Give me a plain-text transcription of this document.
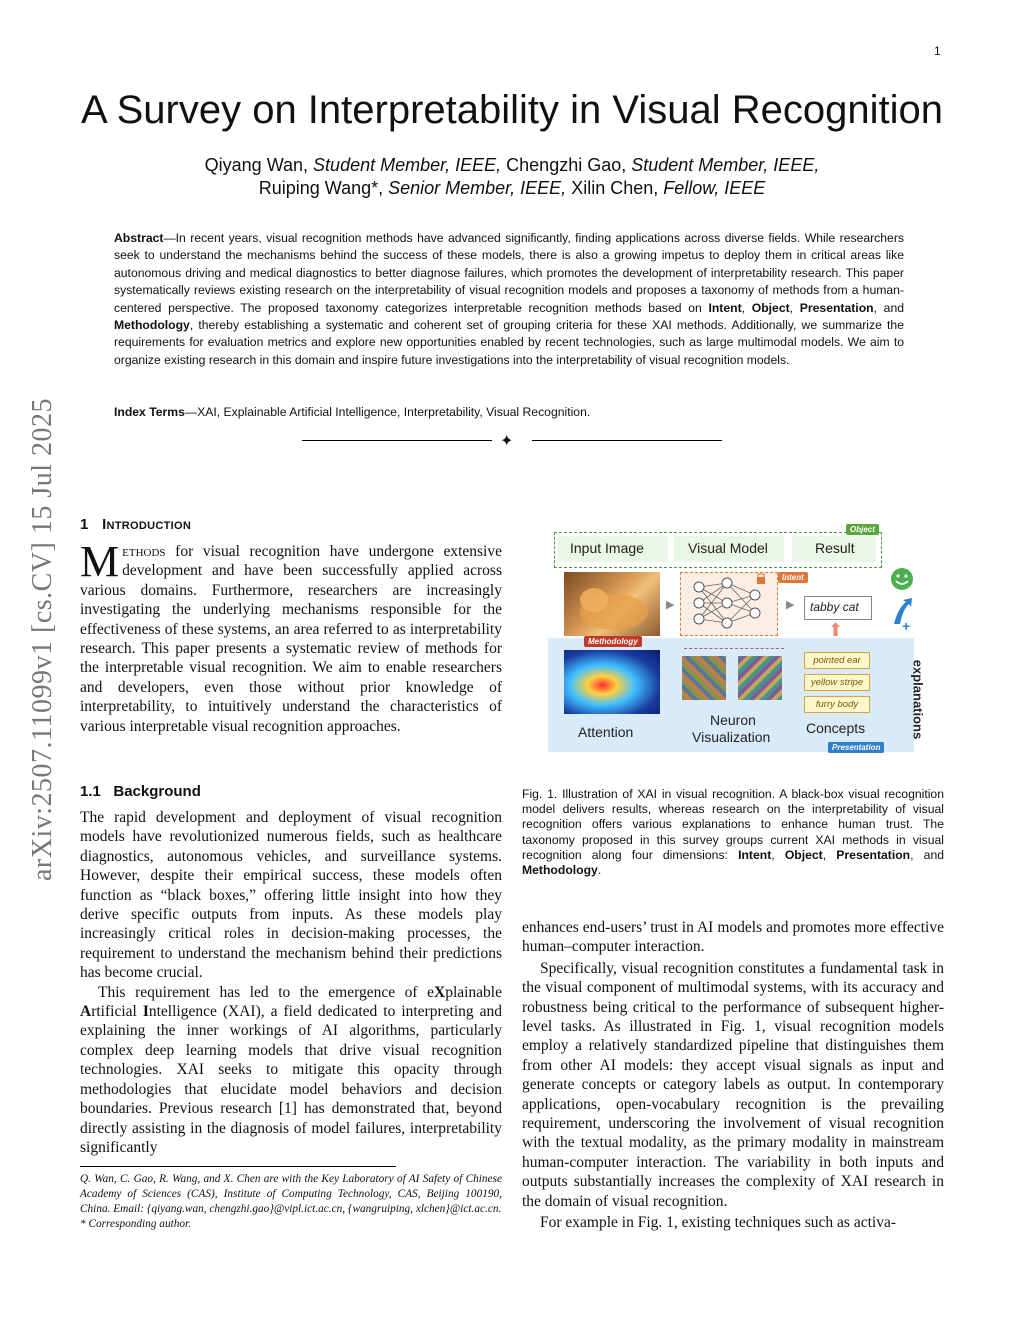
1
arXiv:2507.11099v1 [cs.CV] 15 Jul 2025
A Survey on Interpretability in Visual Recognition
Qiyang Wan, Student Member, IEEE, Chengzhi Gao, Student Member, IEEE,
Ruiping Wang*, Senior Member, IEEE, Xilin Chen, Fellow, IEEE
Abstract—In recent years, visual recognition methods have advanced significantly, finding applications across diverse fields. While researchers seek to understand the mechanisms behind the success of these models, there is also a growing impetus to deploy them in critical areas like autonomous driving and medical diagnostics to better diagnose failures, which promotes the development of interpretability research. This paper systematically reviews existing research on the interpretability of visual recognition models and proposes a taxonomy of methods from a human-centered perspective. The proposed taxonomy categorizes interpretable recognition methods based on Intent, Object, Presentation, and Methodology, thereby establishing a systematic and coherent set of grouping criteria for these XAI methods. Additionally, we summarize the requirements for evaluation metrics and explore new opportunities enabled by recent technologies, such as large multimodal models. We aim to organize existing research in this domain and inspire future investigations into the interpretability of visual recognition models.
Index Terms—XAI, Explainable Artificial Intelligence, Interpretability, Visual Recognition.
✦
1 Introduction

Methods for visual recognition have undergone extensive development and have been successfully applied across various domains. Furthermore, researchers are increasingly investigating the underlying mechanisms responsible for the effectiveness of these systems, an area referred to as interpretability research. This paper presents a systematic review of methods for the interpretable visual recognition. We aim to enable researchers and developers, even those without prior knowledge of interpretability, to intuitively understand the characteristics of various interpretable visual recognition approaches.

1.1 Background

The rapid development and deployment of visual recognition models have revolutionized numerous fields, such as healthcare diagnostics, autonomous vehicles, and surveillance systems. However, despite their empirical success, these models often function as “black boxes,” offering little insight into how they derive specific outputs from inputs. As these models play increasingly critical roles in decision-making processes, the requirement to understand the mechanism behind their predictions has become crucial.

This requirement has led to the emergence of eXplainable Artificial Intelligence (XAI), a field dedicated to interpreting and explaining the inner workings of AI algorithms, particularly complex deep learning models that drive visual recognition technologies. XAI seeks to mitigate this opacity through methodologies that elucidate model behaviors and decision boundaries. Previous research [1] has demonstrated that, beyond directly assisting in the diagnosis of model failures, interpretability significantly

Q. Wan, C. Gao, R. Wang, and X. Chen are with the Key Laboratory of AI Safety of Chinese Academy of Sciences (CAS), Institute of Computing Technology, CAS, Beijing 100190, China. Email: {qiyang.wan, chengzhi.gao}@vipl.ict.ac.cn, {wangruiping, xlchen}@ict.ac.cn.
* Corresponding author.
Input Image	Visual Model	Result
Object
▶
Intent
▶ tabby cat
⬆	+
Methodology
Attention
Neuron
Visualization
pointed ear
yellow stripe
furry body
Concepts
Presentation
explanations
Fig. 1. Illustration of XAI in visual recognition. A black-box visual recognition model delivers results, whereas research on the interpretability of visual recognition offers various explanations to enhance human trust. The taxonomy proposed in this survey groups current XAI methods in visual recognition along four dimensions: Intent, Object, Presentation, and Methodology.

enhances end-users’ trust in AI models and promotes more effective human–computer interaction.

Specifically, visual recognition constitutes a fundamental task in the visual component of multimodal systems, with its accuracy and robustness being critical to the performance of subsequent higher-level tasks. As illustrated in Fig. 1, visual recognition models employ a relatively standardized pipeline that distinguishes them from other AI models: they accept visual signals as input and generate concepts or category labels as output. In contemporary applications, open-vocabulary recognition is the prevailing requirement, underscoring the involvement of visual recognition with the textual modality, as the primary modality in mainstream human-computer interaction. The variability in both inputs and outputs substantially increases the complexity of XAI research in the domain of visual recognition.

For example in Fig. 1, existing techniques such as activa-
